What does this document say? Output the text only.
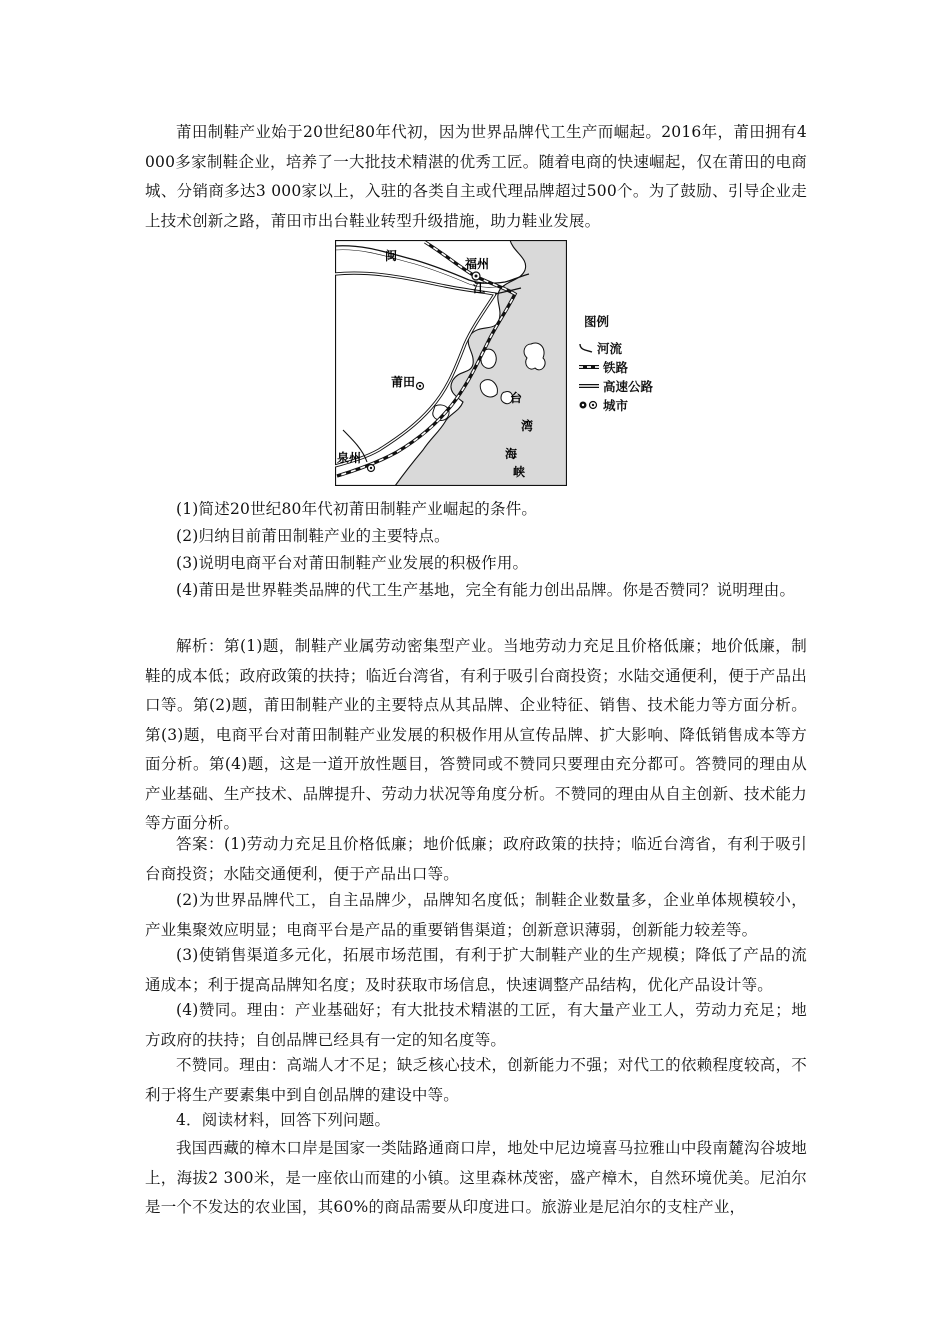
莆田制鞋产业始于20世纪80年代初，因为世界品牌代工生产而崛起。2016年，莆田拥有4 000多家制鞋企业，培养了一大批技术精湛的优秀工匠。随着电商的快速崛起，仅在莆田的电商城、分销商多达3 000家以上，入驻的各类自主或代理品牌超过500个。为了鼓励、引导企业走上技术创新之路，莆田市出台鞋业转型升级措施，助力鞋业发展。

闽
江
福州
莆田
泉州
台
湾
海
峡
图例
河流
铁路
高速公路
城市

(1)简述20世纪80年代初莆田制鞋产业崛起的条件。

(2)归纳目前莆田制鞋产业的主要特点。

(3)说明电商平台对莆田制鞋产业发展的积极作用。

(4)莆田是世界鞋类品牌的代工生产基地，完全有能力创出品牌。你是否赞同？说明理由。

解析：第(1)题，制鞋产业属劳动密集型产业。当地劳动力充足且价格低廉；地价低廉，制鞋的成本低；政府政策的扶持；临近台湾省，有利于吸引台商投资；水陆交通便利，便于产品出口等。第(2)题，莆田制鞋产业的主要特点从其品牌、企业特征、销售、技术能力等方面分析。第(3)题，电商平台对莆田制鞋产业发展的积极作用从宣传品牌、扩大影响、降低销售成本等方面分析。第(4)题，这是一道开放性题目，答赞同或不赞同只要理由充分都可。答赞同的理由从产业基础、生产技术、品牌提升、劳动力状况等角度分析。不赞同的理由从自主创新、技术能力等方面分析。

答案：(1)劳动力充足且价格低廉；地价低廉；政府政策的扶持；临近台湾省，有利于吸引台商投资；水陆交通便利，便于产品出口等。

(2)为世界品牌代工，自主品牌少，品牌知名度低；制鞋企业数量多，企业单体规模较小，产业集聚效应明显；电商平台是产品的重要销售渠道；创新意识薄弱，创新能力较差等。

(3)使销售渠道多元化，拓展市场范围，有利于扩大制鞋产业的生产规模；降低了产品的流通成本；利于提高品牌知名度；及时获取市场信息，快速调整产品结构，优化产品设计等。

(4)赞同。理由：产业基础好；有大批技术精湛的工匠，有大量产业工人，劳动力充足；地方政府的扶持；自创品牌已经具有一定的知名度等。

不赞同。理由：高端人才不足；缺乏核心技术，创新能力不强；对代工的依赖程度较高，不利于将生产要素集中到自创品牌的建设中等。

4．阅读材料，回答下列问题。

我国西藏的樟木口岸是国家一类陆路通商口岸，地处中尼边境喜马拉雅山中段南麓沟谷坡地上，海拔2 300米，是一座依山而建的小镇。这里森林茂密，盛产樟木，自然环境优美。尼泊尔是一个不发达的农业国，其60%的商品需要从印度进口。旅游业是尼泊尔的支柱产业，
